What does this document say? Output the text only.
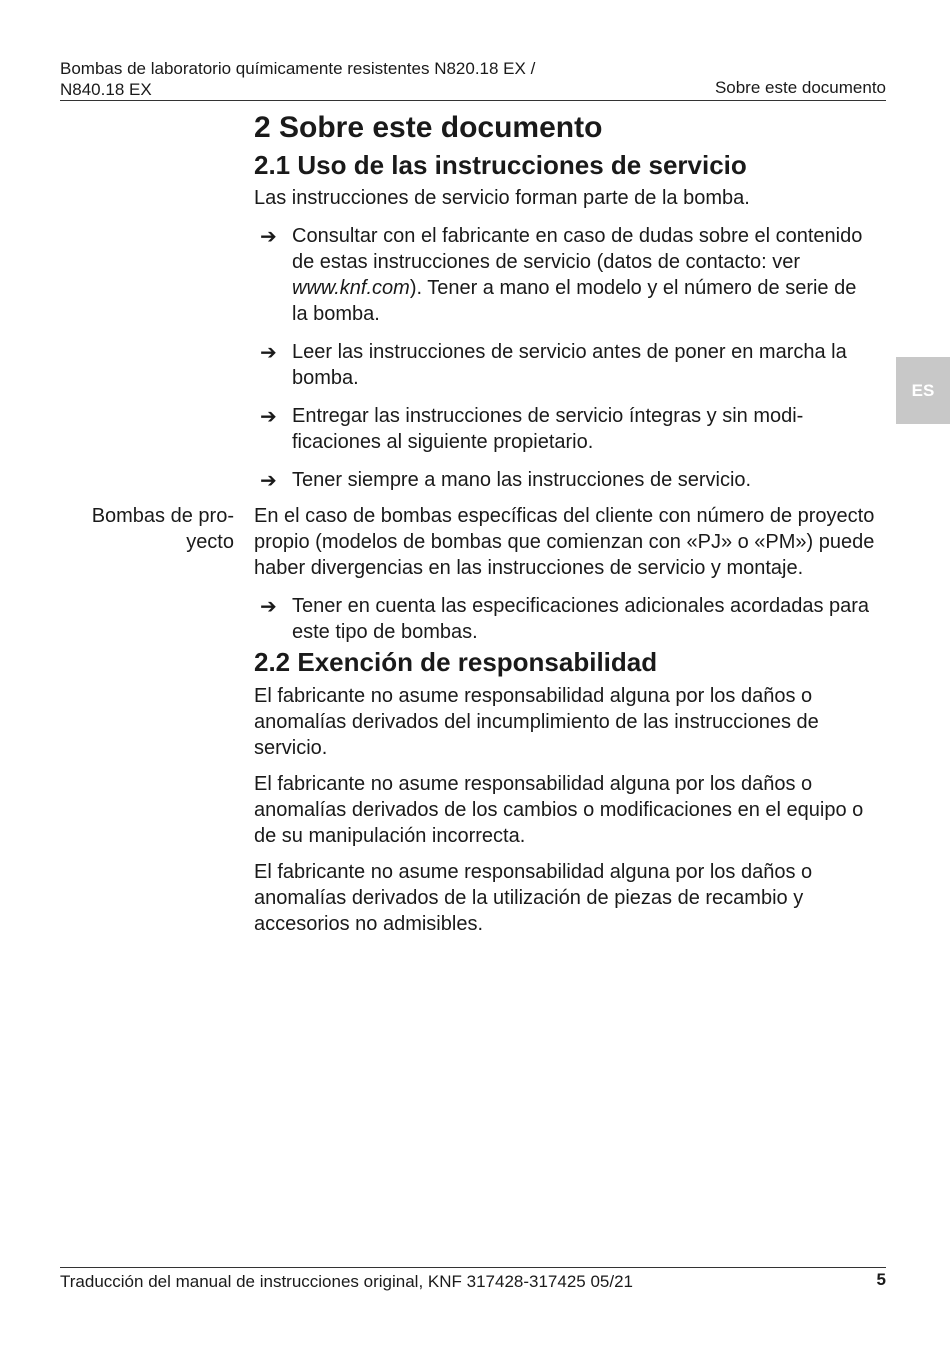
Bombas de laboratorio químicamente resistentes N820.18 EX /
N840.18 EX	Sobre este documento
ES
2 Sobre este documento
2.1 Uso de las instrucciones de servicio

Las instrucciones de servicio forman parte de la bomba.

➔ Consultar con el fabricante en caso de dudas sobre el contenido de estas instrucciones de servicio (datos de contacto: ver www.knf.com). Tener a mano el modelo y el número de serie de la bomba.
➔ Leer las instrucciones de servicio antes de poner en marcha la bomba.
➔ Entregar las instrucciones de servicio íntegras y sin modificaciones al siguiente propietario.
➔ Tener siempre a mano las instrucciones de servicio.
Bombas de proyecto

En el caso de bombas específicas del cliente con número de proyecto propio (modelos de bombas que comienzan con «PJ» o «PM») puede haber divergencias en las instrucciones de servicio y montaje.

➔ Tener en cuenta las especificaciones adicionales acordadas para este tipo de bombas.
2.2 Exención de responsabilidad

El fabricante no asume responsabilidad alguna por los daños o anomalías derivados del incumplimiento de las instrucciones de servicio.

El fabricante no asume responsabilidad alguna por los daños o anomalías derivados de los cambios o modificaciones en el equipo o de su manipulación incorrecta.

El fabricante no asume responsabilidad alguna por los daños o anomalías derivados de la utilización de piezas de recambio y accesorios no admisibles.

Traducción del manual de instrucciones original, KNF 317428-317425 05/21	5
